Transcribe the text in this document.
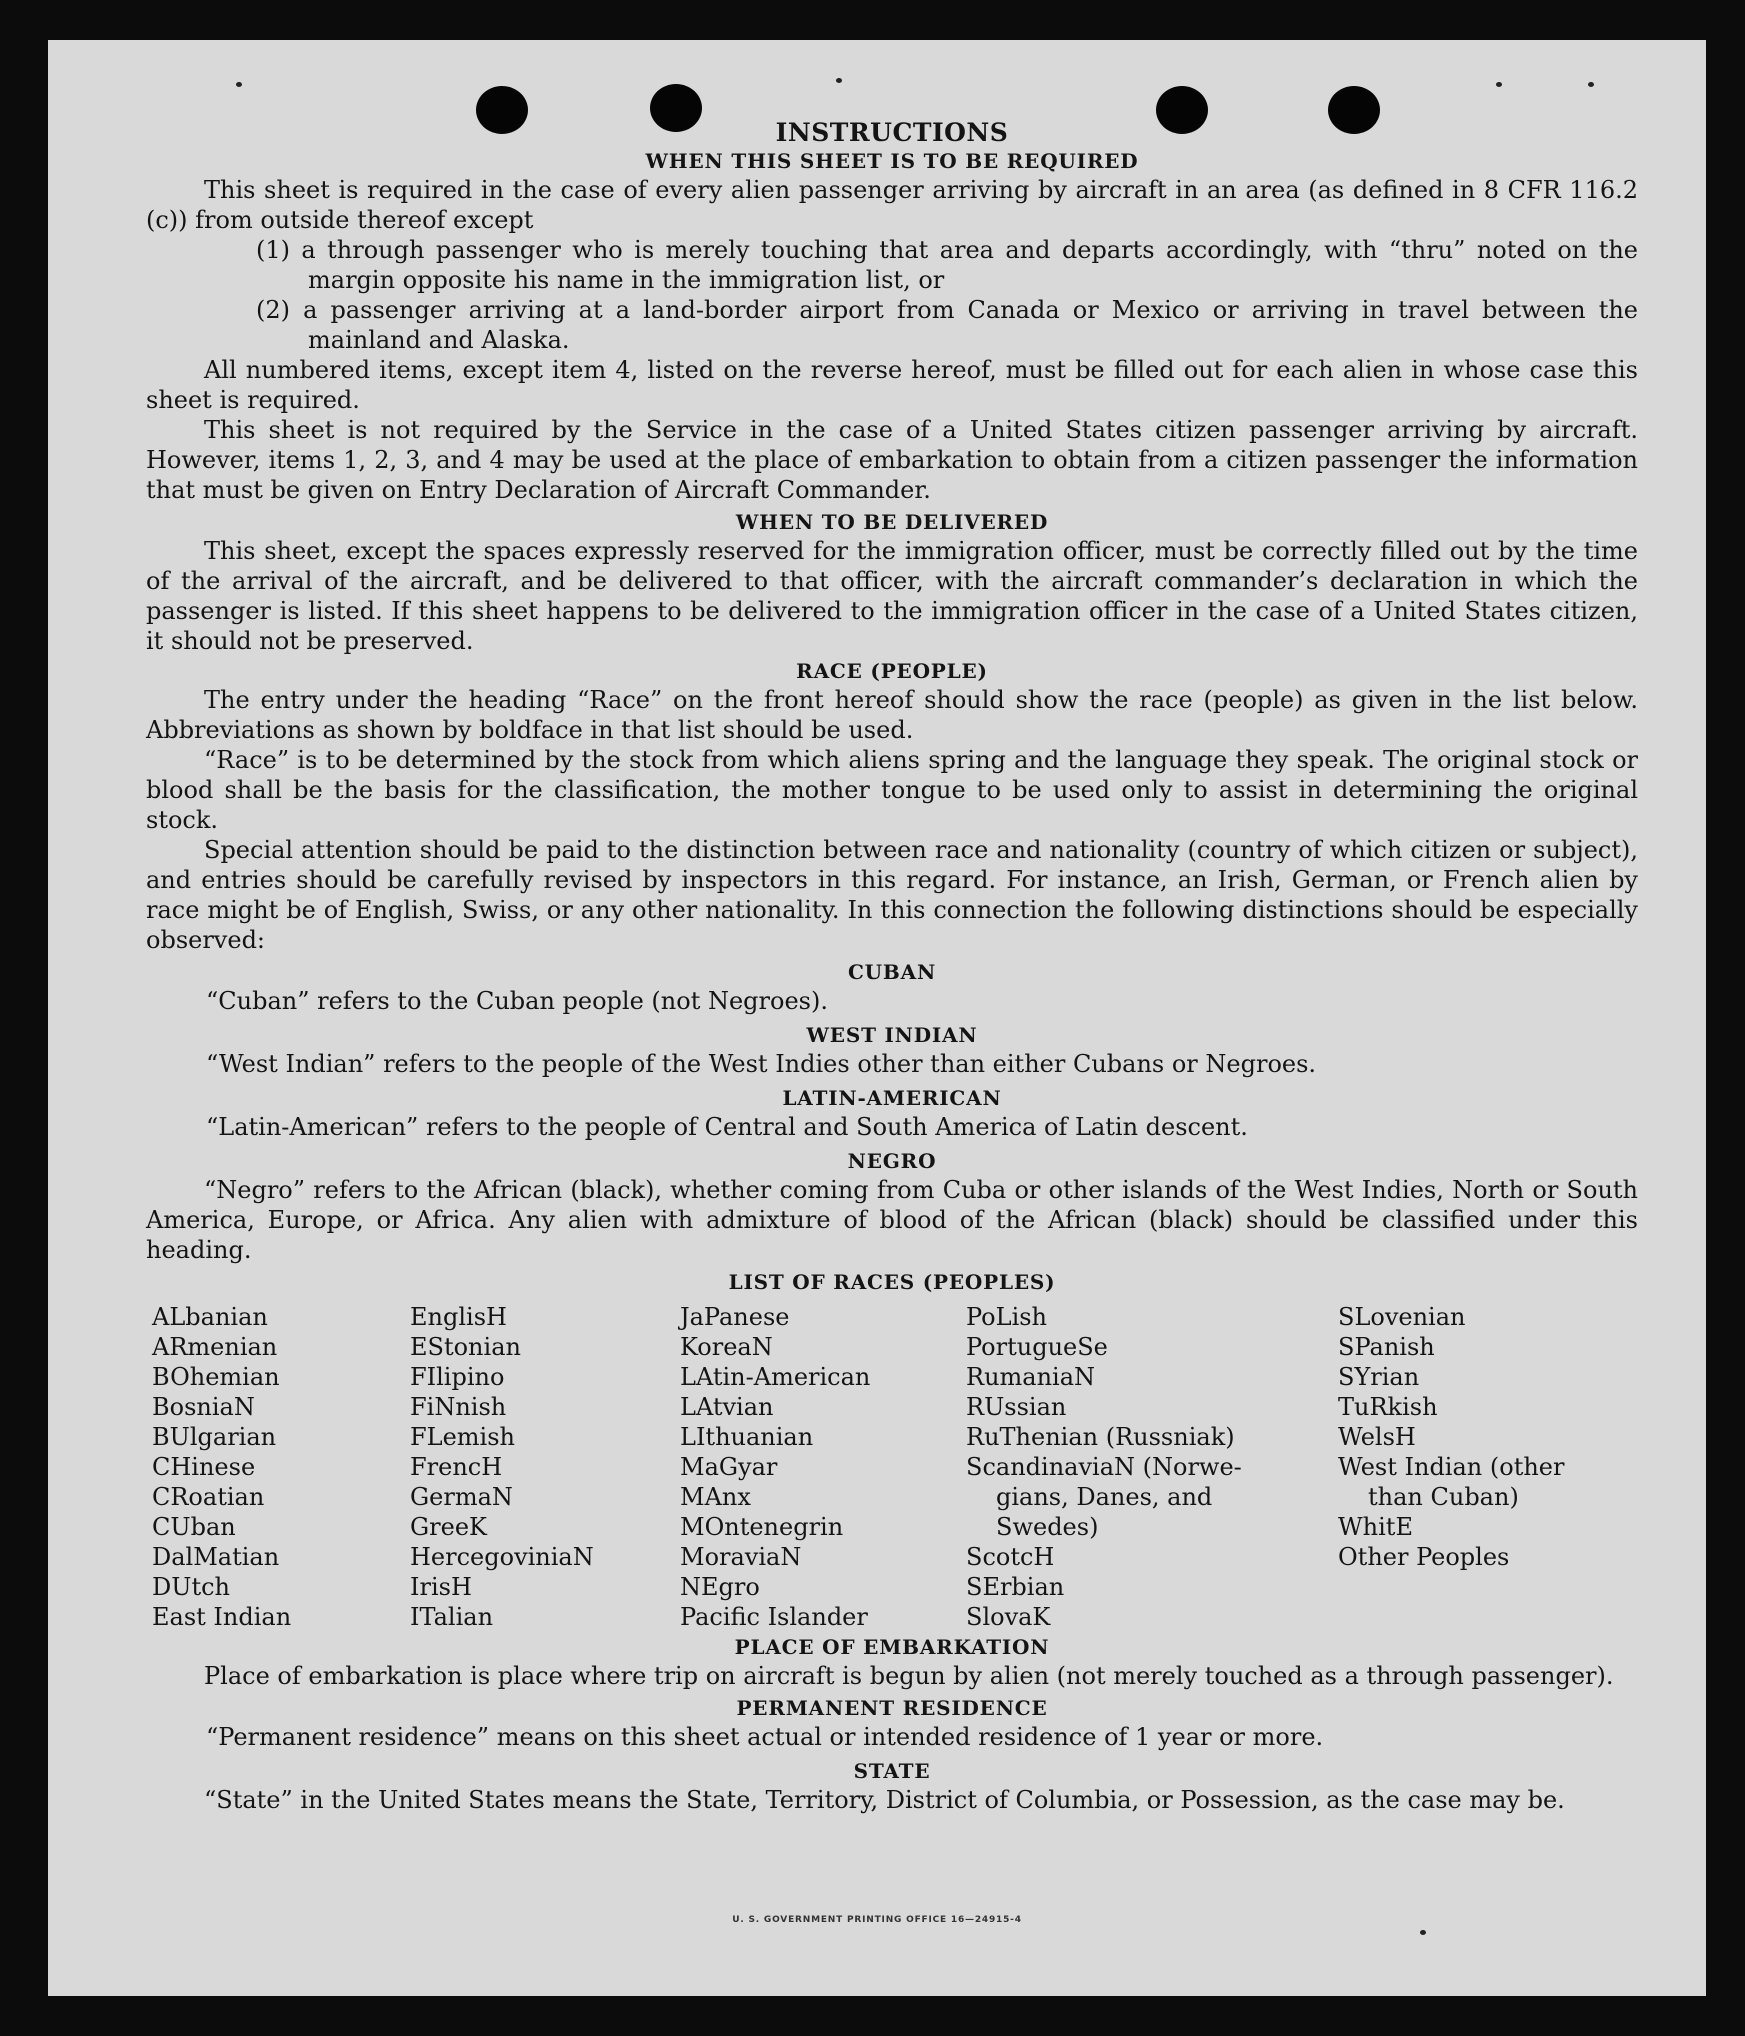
INSTRUCTIONS

WHEN THIS SHEET IS TO BE REQUIRED

This sheet is required in the case of every alien passenger arriving by aircraft in an area (as defined in 8 CFR 116.2 (c)) from outside thereof except

(1) a through passenger who is merely touching that area and departs accordingly, with “thru” noted on the margin opposite his name in the immigration list, or

(2) a passenger arriving at a land-border airport from Canada or Mexico or arriving in travel between the mainland and Alaska.

All numbered items, except item 4, listed on the reverse hereof, must be filled out for each alien in whose case this sheet is required.

This sheet is not required by the Service in the case of a United States citizen passenger arriving by aircraft. However, items 1, 2, 3, and 4 may be used at the place of embarkation to obtain from a citizen passenger the information that must be given on Entry Declaration of Aircraft Commander.

WHEN TO BE DELIVERED

This sheet, except the spaces expressly reserved for the immigration officer, must be correctly filled out by the time of the arrival of the aircraft, and be delivered to that officer, with the aircraft commander’s declaration in which the passenger is listed. If this sheet happens to be delivered to the immigration officer in the case of a United States citizen, it should not be preserved.

RACE (PEOPLE)

The entry under the heading “Race” on the front hereof should show the race (people) as given in the list below. Abbreviations as shown by boldface in that list should be used.

“Race” is to be determined by the stock from which aliens spring and the language they speak. The original stock or blood shall be the basis for the classification, the mother tongue to be used only to assist in determining the original stock.

Special attention should be paid to the distinction between race and nationality (country of which citizen or subject), and entries should be carefully revised by inspectors in this regard. For instance, an Irish, German, or French alien by race might be of English, Swiss, or any other nationality. In this connection the following distinctions should be especially observed:

CUBAN

“Cuban” refers to the Cuban people (not Negroes).

WEST INDIAN

“West Indian” refers to the people of the West Indies other than either Cubans or Negroes.

LATIN-AMERICAN

“Latin-American” refers to the people of Central and South America of Latin descent.

NEGRO

“Negro” refers to the African (black), whether coming from Cuba or other islands of the West Indies, North or South America, Europe, or Africa. Any alien with admixture of blood of the African (black) should be classified under this heading.

LIST OF RACES (PEOPLES)

ALbanian
ARmenian
BOhemian
BosniaN
BUlgarian
CHinese
CRoatian
CUban
DalMatian
DUtch
East Indian
EnglisH
EStonian
FIlipino
FiNnish
FLemish
FrencH
GermaN
GreeK
HercegoviniaN
IrisH
ITalian
JaPanese
KoreaN
LAtin-American
LAtvian
LIthuanian
MaGyar
MAnx
MOntenegrin
MoraviaN
NEgro
Pacific Islander
PoLish
PortugueSe
RumaniaN
RUssian
RuThenian (Russniak)
ScandinaviaN (Norwe-
gians, Danes, and
Swedes)
ScotcH
SErbian
SlovaK
SLovenian
SPanish
SYrian
TuRkish
WelsH
West Indian (other
than Cuban)
WhitE
Other Peoples

PLACE OF EMBARKATION

Place of embarkation is place where trip on aircraft is begun by alien (not merely touched as a through passenger).

PERMANENT RESIDENCE

“Permanent residence” means on this sheet actual or intended residence of 1 year or more.

STATE

“State” in the United States means the State, Territory, District of Columbia, or Possession, as the case may be.

U. S. GOVERNMENT PRINTING OFFICE 16—24915-4
